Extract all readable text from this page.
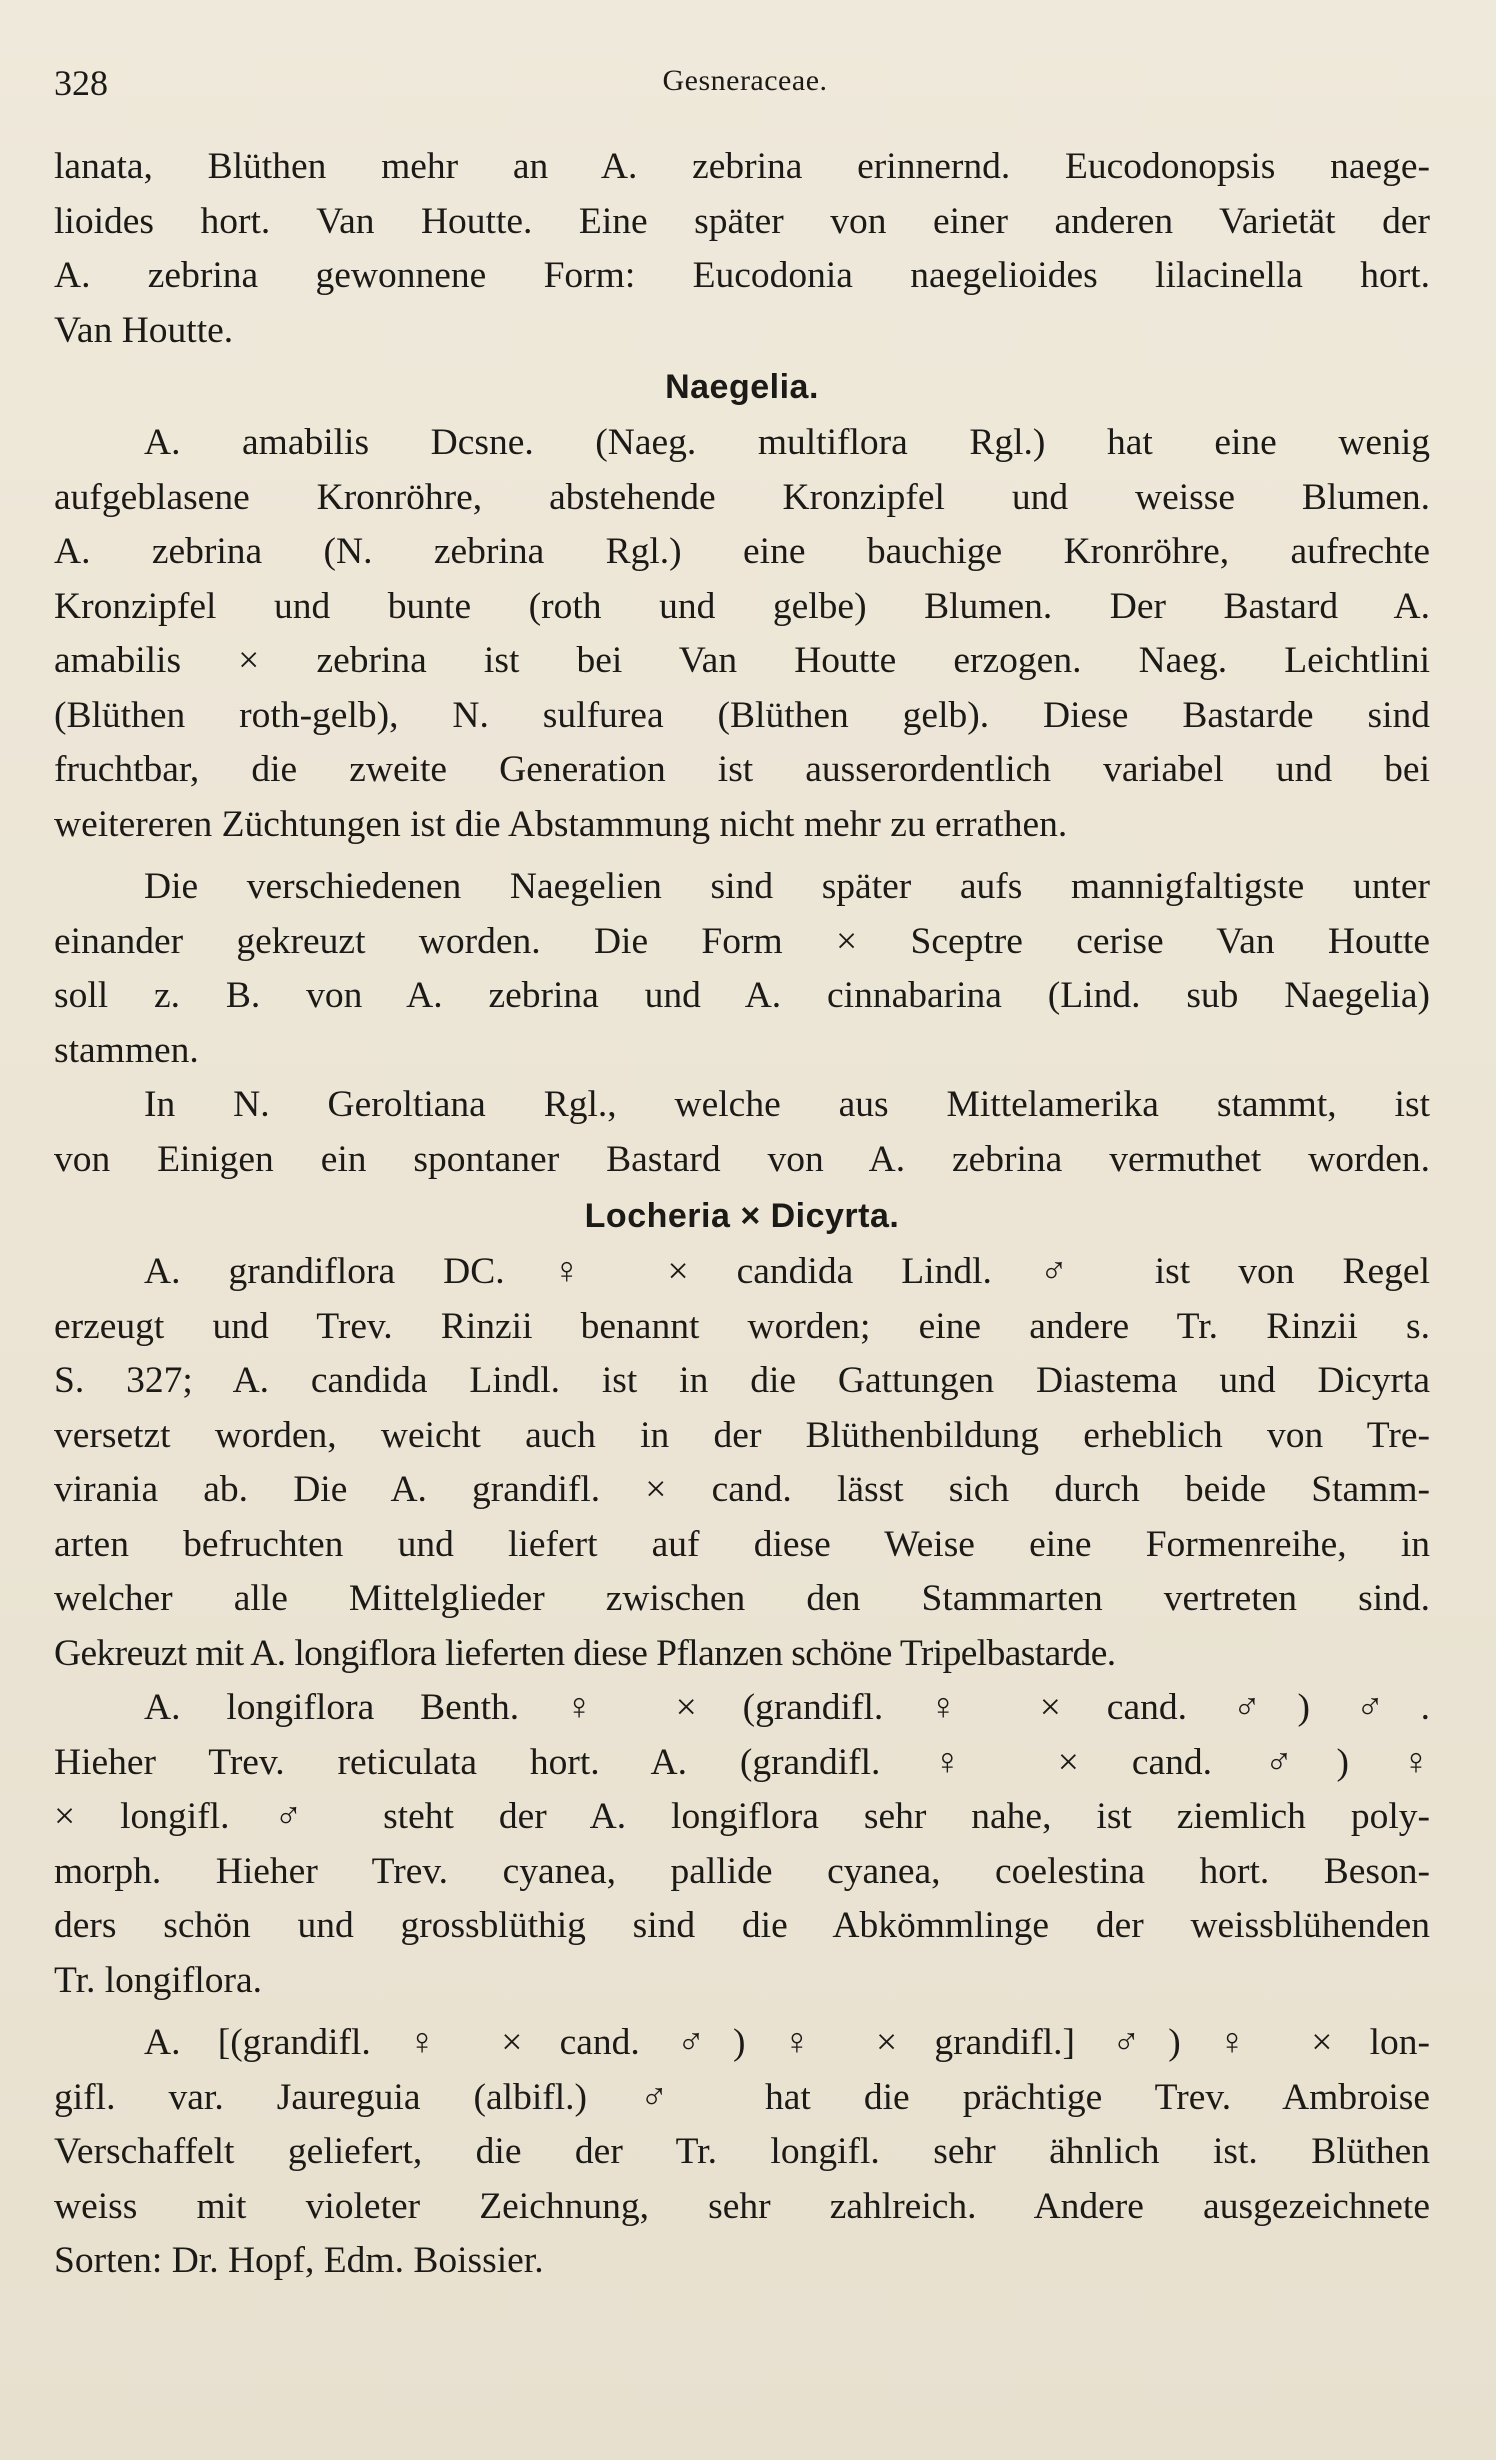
328	Gesneraceae.
lanata, Blüthen mehr an A. zebrina erinnernd. Eucodonopsis naege-
lioides hort. Van Houtte. Eine später von einer anderen Varietät der
A. zebrina gewonnene Form: Eucodonia naegelioides lilacinella hort.
Van Houtte.
Naegelia.
A. amabilis Dcsne. (Naeg. multiflora Rgl.) hat eine wenig
aufgeblasene Kronröhre, abstehende Kronzipfel und weisse Blumen.
A. zebrina (N. zebrina Rgl.) eine bauchige Kronröhre, aufrechte
Kronzipfel und bunte (roth und gelbe) Blumen. Der Bastard A.
amabilis × zebrina ist bei Van Houtte erzogen. Naeg. Leichtlini
(Blüthen roth-gelb), N. sulfurea (Blüthen gelb). Diese Bastarde sind
fruchtbar, die zweite Generation ist ausserordentlich variabel und bei
weitereren Züchtungen ist die Abstammung nicht mehr zu errathen.
Die verschiedenen Naegelien sind später aufs mannigfaltigste unter
einander gekreuzt worden. Die Form × Sceptre cerise Van Houtte
soll z. B. von A. zebrina und A. cinnabarina (Lind. sub Naegelia)
stammen.
In N. Geroltiana Rgl., welche aus Mittelamerika stammt, ist
von Einigen ein spontaner Bastard von A. zebrina vermuthet worden.
Locheria × Dicyrta.
A. grandiflora DC. ♀ × candida Lindl. ♂ ist von Regel
erzeugt und Trev. Rinzii benannt worden; eine andere Tr. Rinzii s.
S. 327; A. candida Lindl. ist in die Gattungen Diastema und Dicyrta
versetzt worden, weicht auch in der Blüthenbildung erheblich von Tre-
virania ab. Die A. grandifl. × cand. lässt sich durch beide Stamm-
arten befruchten und liefert auf diese Weise eine Formenreihe, in
welcher alle Mittelglieder zwischen den Stammarten vertreten sind.
Gekreuzt mit A. longiflora lieferten diese Pflanzen schöne Tripelbastarde.
A. longiflora Benth. ♀ × (grandifl. ♀ × cand. ♂) ♂.
Hieher Trev. reticulata hort. A. (grandifl. ♀ × cand. ♂) ♀
× longifl. ♂ steht der A. longiflora sehr nahe, ist ziemlich poly-
morph. Hieher Trev. cyanea, pallide cyanea, coelestina hort. Beson-
ders schön und grossblüthig sind die Abkömmlinge der weissblühenden
Tr. longiflora.
A. [(grandifl. ♀ × cand. ♂) ♀ × grandifl.] ♂) ♀ × lon-
gifl. var. Jaureguia (albifl.) ♂ hat die prächtige Trev. Ambroise
Verschaffelt geliefert, die der Tr. longifl. sehr ähnlich ist. Blüthen
weiss mit violeter Zeichnung, sehr zahlreich. Andere ausgezeichnete
Sorten: Dr. Hopf, Edm. Boissier.
